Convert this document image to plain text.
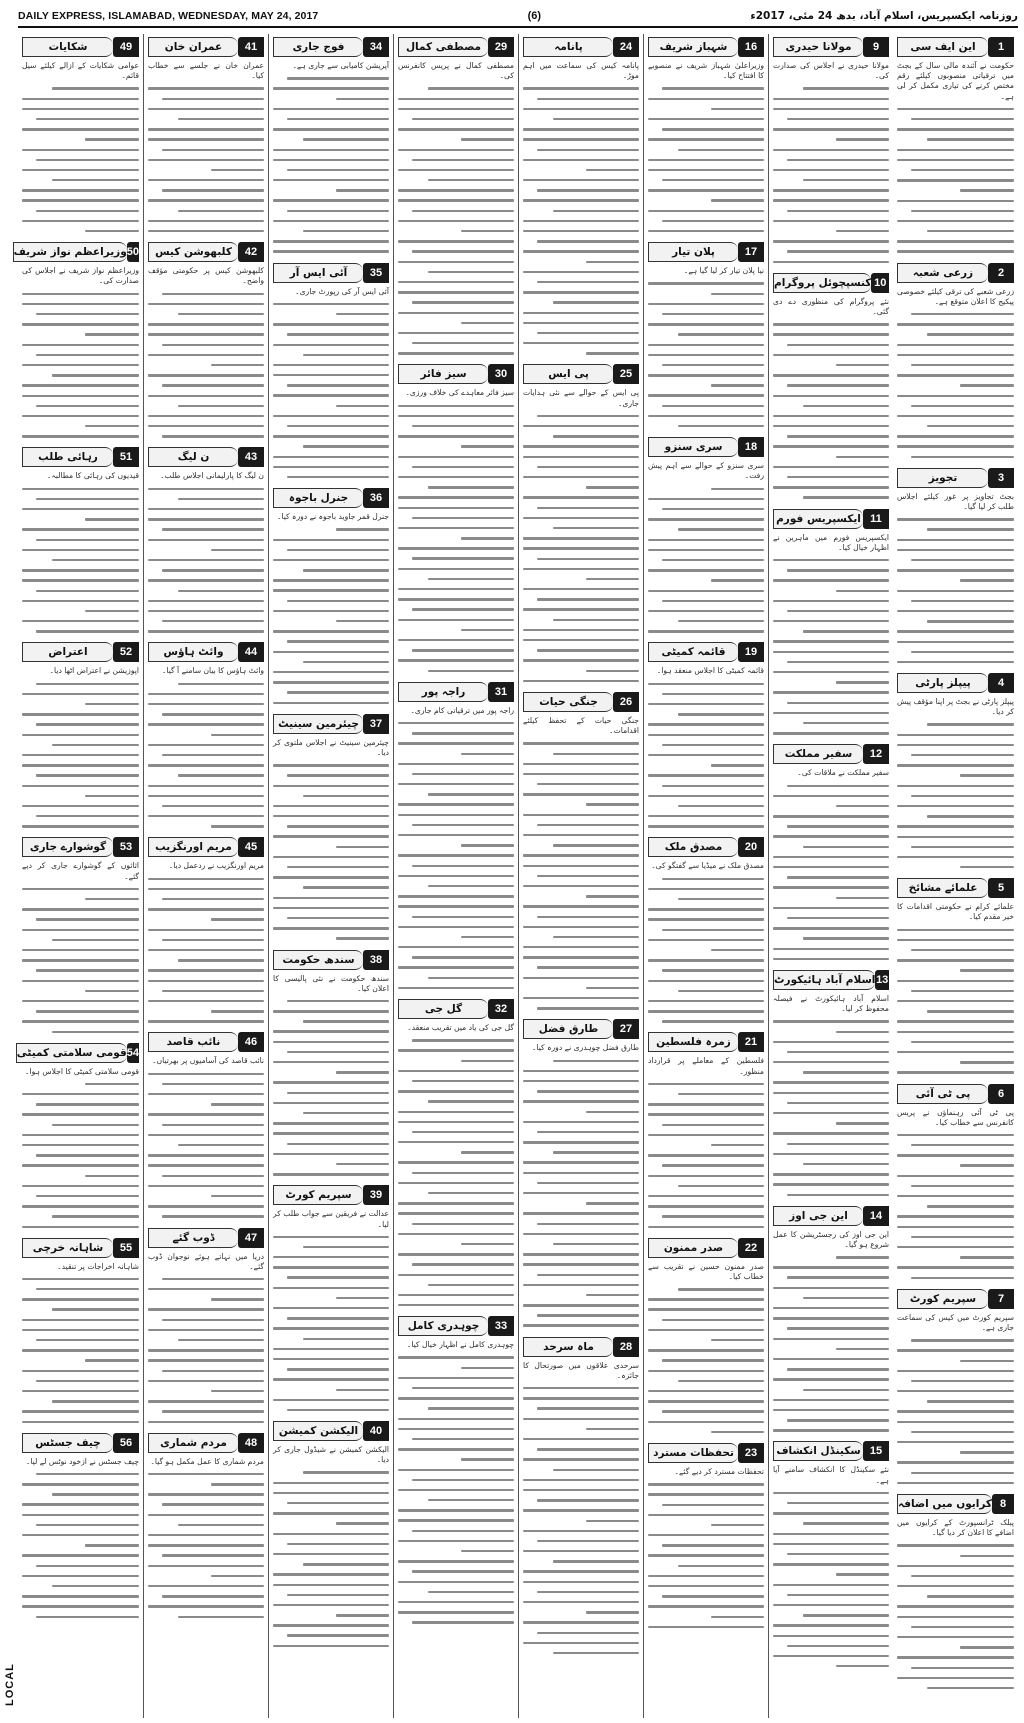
DAILY EXPRESS, ISLAMABAD, WEDNESDAY, MAY 24, 2017	(6)	روزنامہ ایکسپریس، اسلام آباد، بدھ 24 مئی، 2017ء
LOCAL
1
این ایف سی

حکومت نے آئندہ مالی سال کے بجٹ میں ترقیاتی منصوبوں کیلئے رقم مختص کرنے کی تیاری مکمل کر لی ہے۔

2
زرعی شعبہ

زرعی شعبے کی ترقی کیلئے خصوصی پیکیج کا اعلان متوقع ہے۔

3
تجویز

بجٹ تجاویز پر غور کیلئے اجلاس طلب کر لیا گیا۔

4
پیپلز پارٹی

پیپلز پارٹی نے بجٹ پر اپنا مؤقف پیش کر دیا۔

5
علمائے مشائخ

علمائے کرام نے حکومتی اقدامات کا خیر مقدم کیا۔

6
پی ٹی آئی

پی ٹی آئی رہنماؤں نے پریس کانفرنس سے خطاب کیا۔

7
سپریم کورٹ

سپریم کورٹ میں کیس کی سماعت جاری ہے۔

8
کرایوں میں اضافہ

پبلک ٹرانسپورٹ کے کرایوں میں اضافے کا اعلان کر دیا گیا۔

9
مولانا حیدری

مولانا حیدری نے اجلاس کی صدارت کی۔

10
کنسپچوئل پروگرام

نئے پروگرام کی منظوری دے دی گئی۔

11
ایکسپریس فورم

ایکسپریس فورم میں ماہرین نے اظہار خیال کیا۔

12
سفیر مملکت

سفیر مملکت نے ملاقات کی۔

13
اسلام آباد ہائیکورٹ

اسلام آباد ہائیکورٹ نے فیصلہ محفوظ کر لیا۔

14
این جی اوز

این جی اوز کی رجسٹریشن کا عمل شروع ہو گیا۔

15
سکینڈل انکشاف

نئے سکینڈل کا انکشاف سامنے آیا ہے۔

16
شہباز شریف

وزیراعلیٰ شہباز شریف نے منصوبے کا افتتاح کیا۔

17
پلان تیار

نیا پلان تیار کر لیا گیا ہے۔

18
سری سنزو

سری سنزو کے حوالے سے اہم پیش رفت۔

19
قائمہ کمیٹی

قائمہ کمیٹی کا اجلاس منعقد ہوا۔

20
مصدق ملک

مصدق ملک نے میڈیا سے گفتگو کی۔

21
زمرہ فلسطین

فلسطین کے معاملے پر قرارداد منظور۔

22
صدر ممنون

صدر ممنون حسین نے تقریب سے خطاب کیا۔

23
تحفظات مسترد

تحفظات مسترد کر دیے گئے۔

24
پانامہ

پانامہ کیس کی سماعت میں اہم موڑ۔

25
پی ایس

پی ایس کے حوالے سے نئی ہدایات جاری۔

26
جنگی حیات

جنگی حیات کے تحفظ کیلئے اقدامات۔

27
طارق فضل

طارق فضل چوہدری نے دورہ کیا۔

28
ماہ سرحد

سرحدی علاقوں میں صورتحال کا جائزہ۔

29
مصطفی کمال

مصطفی کمال نے پریس کانفرنس کی۔

30
سیز فائر

سیز فائر معاہدے کی خلاف ورزی۔

31
راجہ پور

راجہ پور میں ترقیاتی کام جاری۔

32
گل جی

گل جی کی یاد میں تقریب منعقد۔

33
چوہدری کامل

چوہدری کامل نے اظہار خیال کیا۔

34
فوج جاری

آپریشن کامیابی سے جاری ہے۔

35
آئی ایس آر

آئی ایس آر کی رپورٹ جاری۔

36
جنرل باجوہ

جنرل قمر جاوید باجوہ نے دورہ کیا۔

37
چیئرمین سینیٹ

چیئرمین سینیٹ نے اجلاس ملتوی کر دیا۔

38
سندھ حکومت

سندھ حکومت نے نئی پالیسی کا اعلان کیا۔

39
سپریم کورٹ

عدالت نے فریقین سے جواب طلب کر لیا۔

40
الیکشن کمیشن

الیکشن کمیشن نے شیڈول جاری کر دیا۔

41
عمران خان

عمران خان نے جلسے سے خطاب کیا۔

42
کلبھوشن کیس

کلبھوشن کیس پر حکومتی مؤقف واضح۔

43
ن لیگ

ن لیگ کا پارلیمانی اجلاس طلب۔

44
وائٹ ہاؤس

وائٹ ہاؤس کا بیان سامنے آ گیا۔

45
مریم اورنگزیب

مریم اورنگزیب نے ردعمل دیا۔

46
نائب قاصد

نائب قاصد کی آسامیوں پر بھرتیاں۔

47
ڈوب گئے

دریا میں نہاتے ہوئے نوجوان ڈوب گئے۔

48
مردم شماری

مردم شماری کا عمل مکمل ہو گیا۔

49
شکایات

عوامی شکایات کے ازالے کیلئے سیل قائم۔

50
وزیراعظم نواز شریف

وزیراعظم نواز شریف نے اجلاس کی صدارت کی۔

51
رہائی طلب

قیدیوں کی رہائی کا مطالبہ۔

52
اعتراض

اپوزیشن نے اعتراض اٹھا دیا۔

53
گوشوارے جاری

اثاثوں کے گوشوارے جاری کر دیے گئے۔

54
قومی سلامتی کمیٹی

قومی سلامتی کمیٹی کا اجلاس ہوا۔

55
شاہانہ خرچی

شاہانہ اخراجات پر تنقید۔

56
چیف جسٹس

چیف جسٹس نے ازخود نوٹس لے لیا۔
